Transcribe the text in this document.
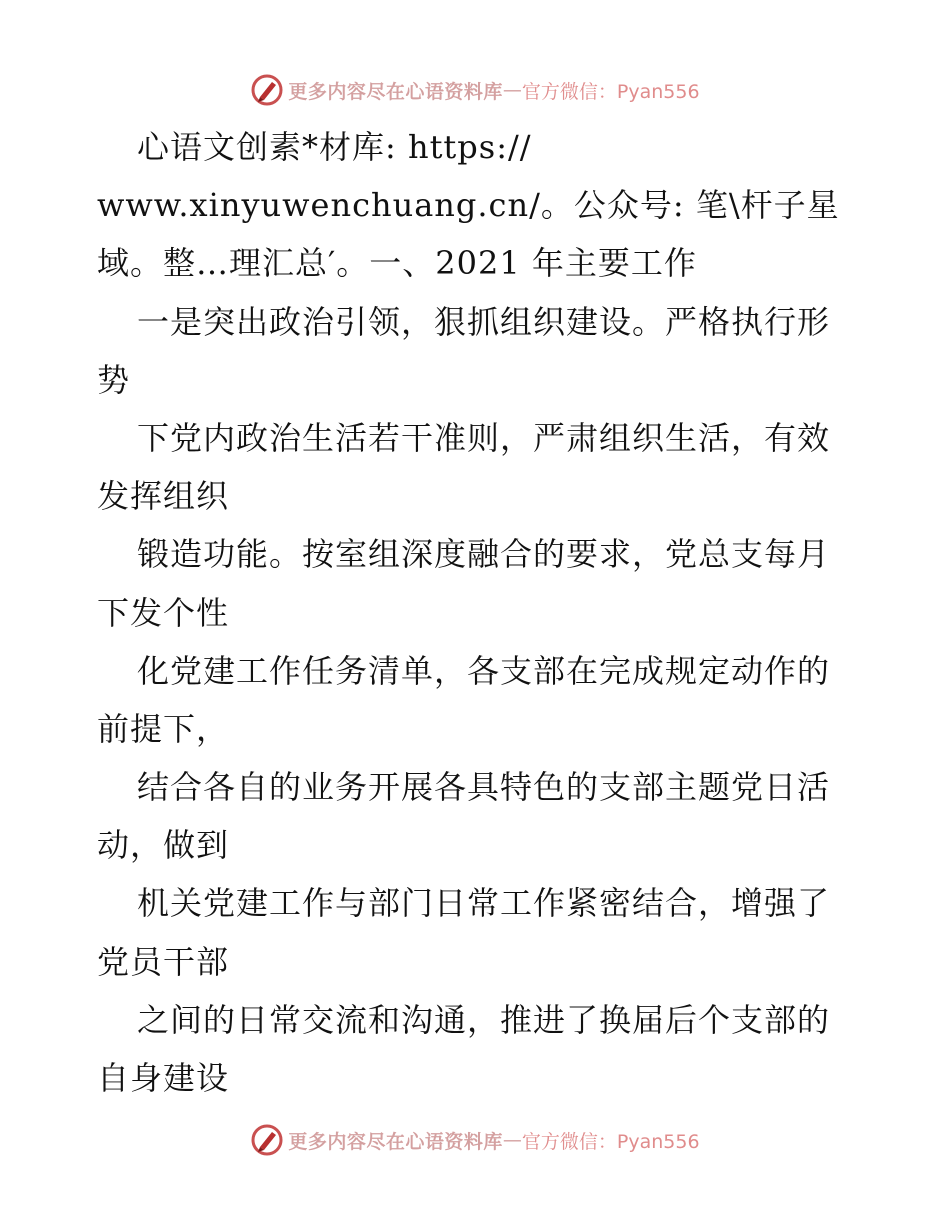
更多内容尽在心语资料库 — 官方微信：Pyan556
心语文创素*材库: https://
www.xinyuwenchuang.cn/。公众号: 笔\杆子星
域。整…理汇总′。一、2021 年主要工作
一是突出政治引领，狠抓组织建设。严格执行形
势
下党内政治生活若干准则，严肃组织生活，有效
发挥组织
锻造功能。按室组深度融合的要求，党总支每月
下发个性
化党建工作任务清单，各支部在完成规定动作的
前提下，
结合各自的业务开展各具特色的支部主题党日活
动，做到
机关党建工作与部门日常工作紧密结合，增强了
党员干部
之间的日常交流和沟通，推进了换届后个支部的
自身建设
更多内容尽在心语资料库 — 官方微信：Pyan556
